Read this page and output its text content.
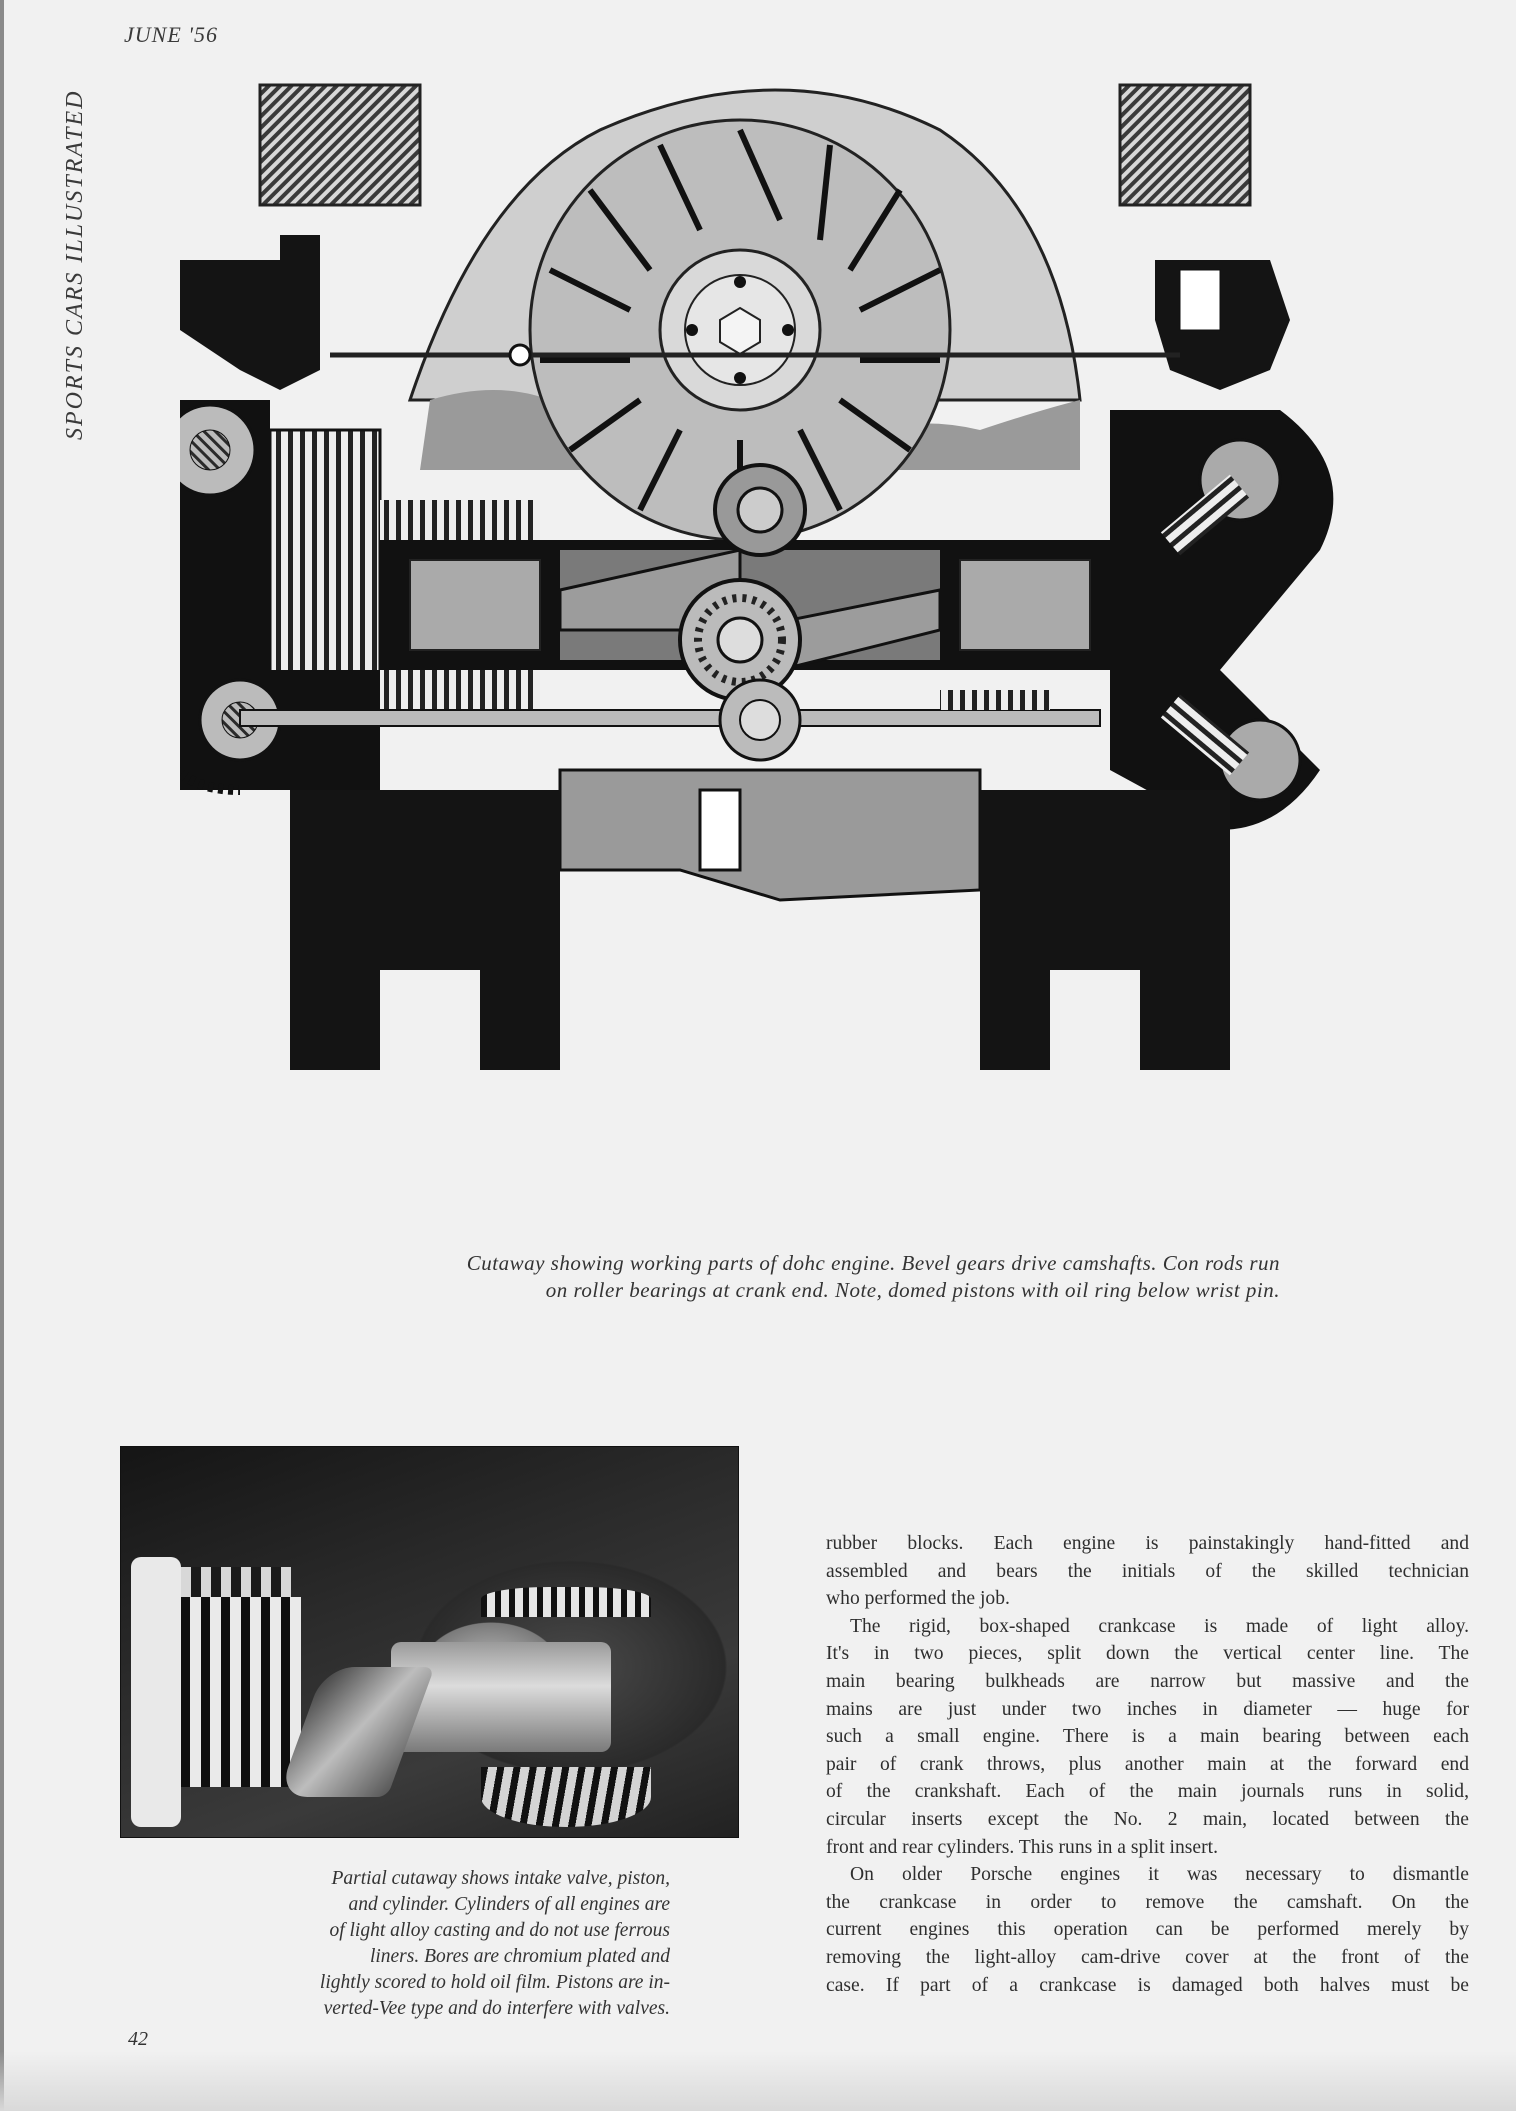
JUNE '56
SPORTS CARS ILLUSTRATED
Cutaway showing working parts of dohc engine. Bevel gears drive camshafts. Con rods run
on roller bearings at crank end. Note, domed pistons with oil ring below wrist pin.
Partial cutaway shows intake valve, piston,
and cylinder. Cylinders of all engines are
of light alloy casting and do not use ferrous
liners. Bores are chromium plated and
lightly scored to hold oil film. Pistons are in-
verted-Vee type and do interfere with valves.

rubber blocks. Each engine is painstakingly hand-fitted and
assembled and bears the initials of the skilled technician
who performed the job.

The rigid, box-shaped crankcase is made of light alloy.
It's in two pieces, split down the vertical center line. The
main bearing bulkheads are narrow but massive and the
mains are just under two inches in diameter — huge for
such a small engine. There is a main bearing between each
pair of crank throws, plus another main at the forward end
of the crankshaft. Each of the main journals runs in solid,
circular inserts except the No. 2 main, located between the
front and rear cylinders. This runs in a split insert.

On older Porsche engines it was necessary to dismantle
the crankcase in order to remove the camshaft. On the
current engines this operation can be performed merely by
removing the light-alloy cam-drive cover at the front of the
case. If part of a crankcase is damaged both halves must be

42
